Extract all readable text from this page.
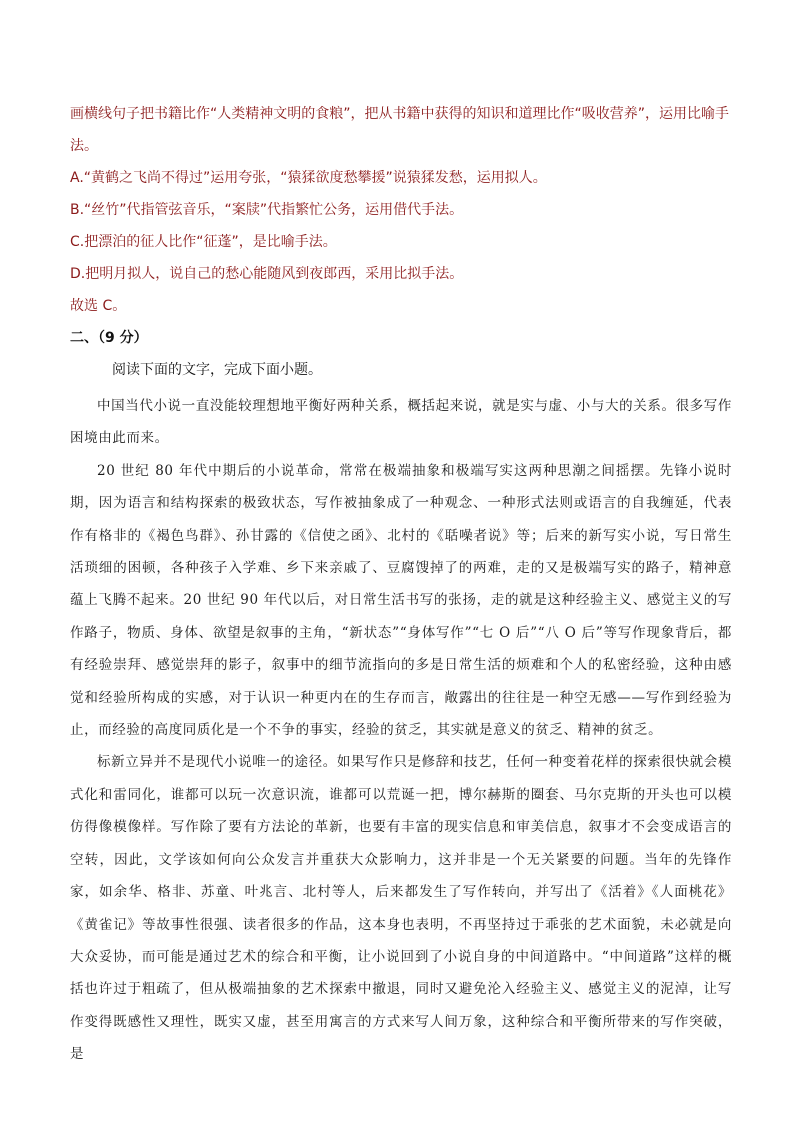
画横线句子把书籍比作“人类精神文明的食粮”，把从书籍中获得的知识和道理比作“吸收营养”，运用比喻手法。

A.“黄鹤之飞尚不得过”运用夸张，“猿猱欲度愁攀援”说猿猱发愁，运用拟人。

B.“丝竹”代指管弦音乐，“案牍”代指繁忙公务，运用借代手法。

C.把漂泊的征人比作“征蓬”，是比喻手法。

D.把明月拟人，说自己的愁心能随风到夜郎西，采用比拟手法。

故选 C。

二、（9 分）

阅读下面的文字，完成下面小题。

中国当代小说一直没能较理想地平衡好两种关系，概括起来说，就是实与虚、小与大的关系。很多写作困境由此而来。

20 世纪 80 年代中期后的小说革命，常常在极端抽象和极端写实这两种思潮之间摇摆。先锋小说时期，因为语言和结构探索的极致状态，写作被抽象成了一种观念、一种形式法则或语言的自我缠延，代表作有格非的《褐色鸟群》、孙甘露的《信使之函》、北村的《聒噪者说》等；后来的新写实小说，写日常生活琐细的困顿，各种孩子入学难、乡下来亲戚了、豆腐馊掉了的两难，走的又是极端写实的路子，精神意蕴上飞腾不起来。20 世纪 90 年代以后，对日常生活书写的张扬，走的就是这种经验主义、感觉主义的写作路子，物质、身体、欲望是叙事的主角，“新状态”“身体写作”“七 O 后”“八 O 后”等写作现象背后，都有经验崇拜、感觉崇拜的影子，叙事中的细节流指向的多是日常生活的烦难和个人的私密经验，这种由感觉和经验所构成的实感，对于认识一种更内在的生存而言，敞露出的往往是一种空无感——写作到经验为止，而经验的高度同质化是一个不争的事实，经验的贫乏，其实就是意义的贫乏、精神的贫乏。

标新立异并不是现代小说唯一的途径。如果写作只是修辞和技艺，任何一种变着花样的探索很快就会模式化和雷同化，谁都可以玩一次意识流，谁都可以荒诞一把，博尔赫斯的圈套、马尔克斯的开头也可以模仿得像模像样。写作除了要有方法论的革新，也要有丰富的现实信息和审美信息，叙事才不会变成语言的空转，因此，文学该如何向公众发言并重获大众影响力，这并非是一个无关紧要的问题。当年的先锋作家，如余华、格非、苏童、叶兆言、北村等人，后来都发生了写作转向，并写出了《活着》《人面桃花》《黄雀记》等故事性很强、读者很多的作品，这本身也表明，不再坚持过于乖张的艺术面貌，未必就是向大众妥协，而可能是通过艺术的综合和平衡，让小说回到了小说自身的中间道路中。“中间道路”这样的概括也许过于粗疏了，但从极端抽象的艺术探索中撤退，同时又避免沦入经验主义、感觉主义的泥淖，让写作变得既感性又理性，既实又虚，甚至用寓言的方式来写人间万象，这种综合和平衡所带来的写作突破，是
